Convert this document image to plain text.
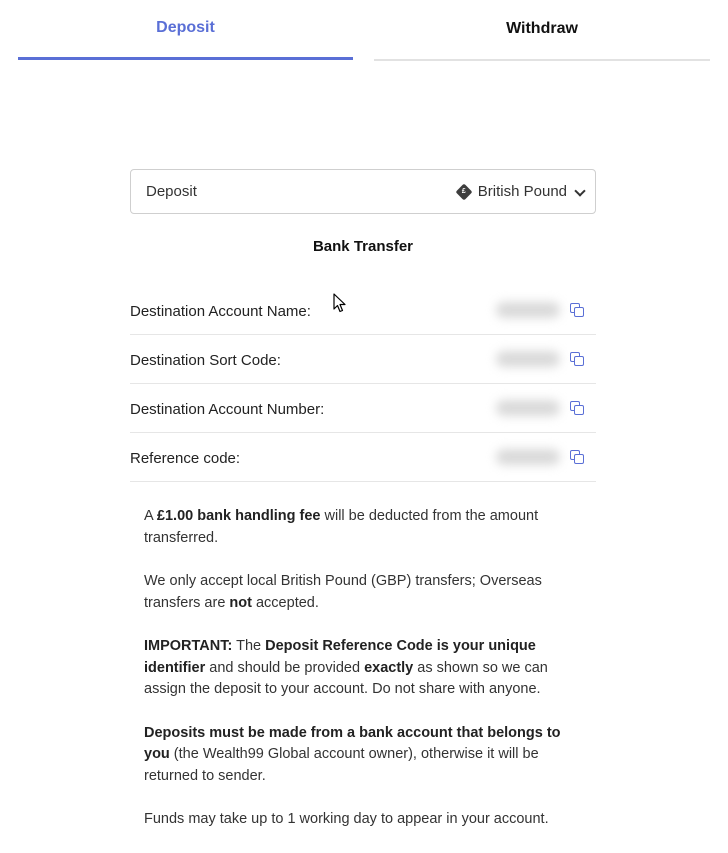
Deposit	Withdraw
Deposit	£ British Pound
Bank Transfer
Destination Account Name:
Destination Sort Code:
Destination Account Number:
Reference code:

A £1.00 bank handling fee will be deducted from the amount transferred.

We only accept local British Pound (GBP) transfers; Overseas transfers are not accepted.

IMPORTANT: The Deposit Reference Code is your unique identifier and should be provided exactly as shown so we can assign the deposit to your account. Do not share with anyone.

Deposits must be made from a bank account that belongs to you (the Wealth99 Global account owner), otherwise it will be returned to sender.

Funds may take up to 1 working day to appear in your account.
